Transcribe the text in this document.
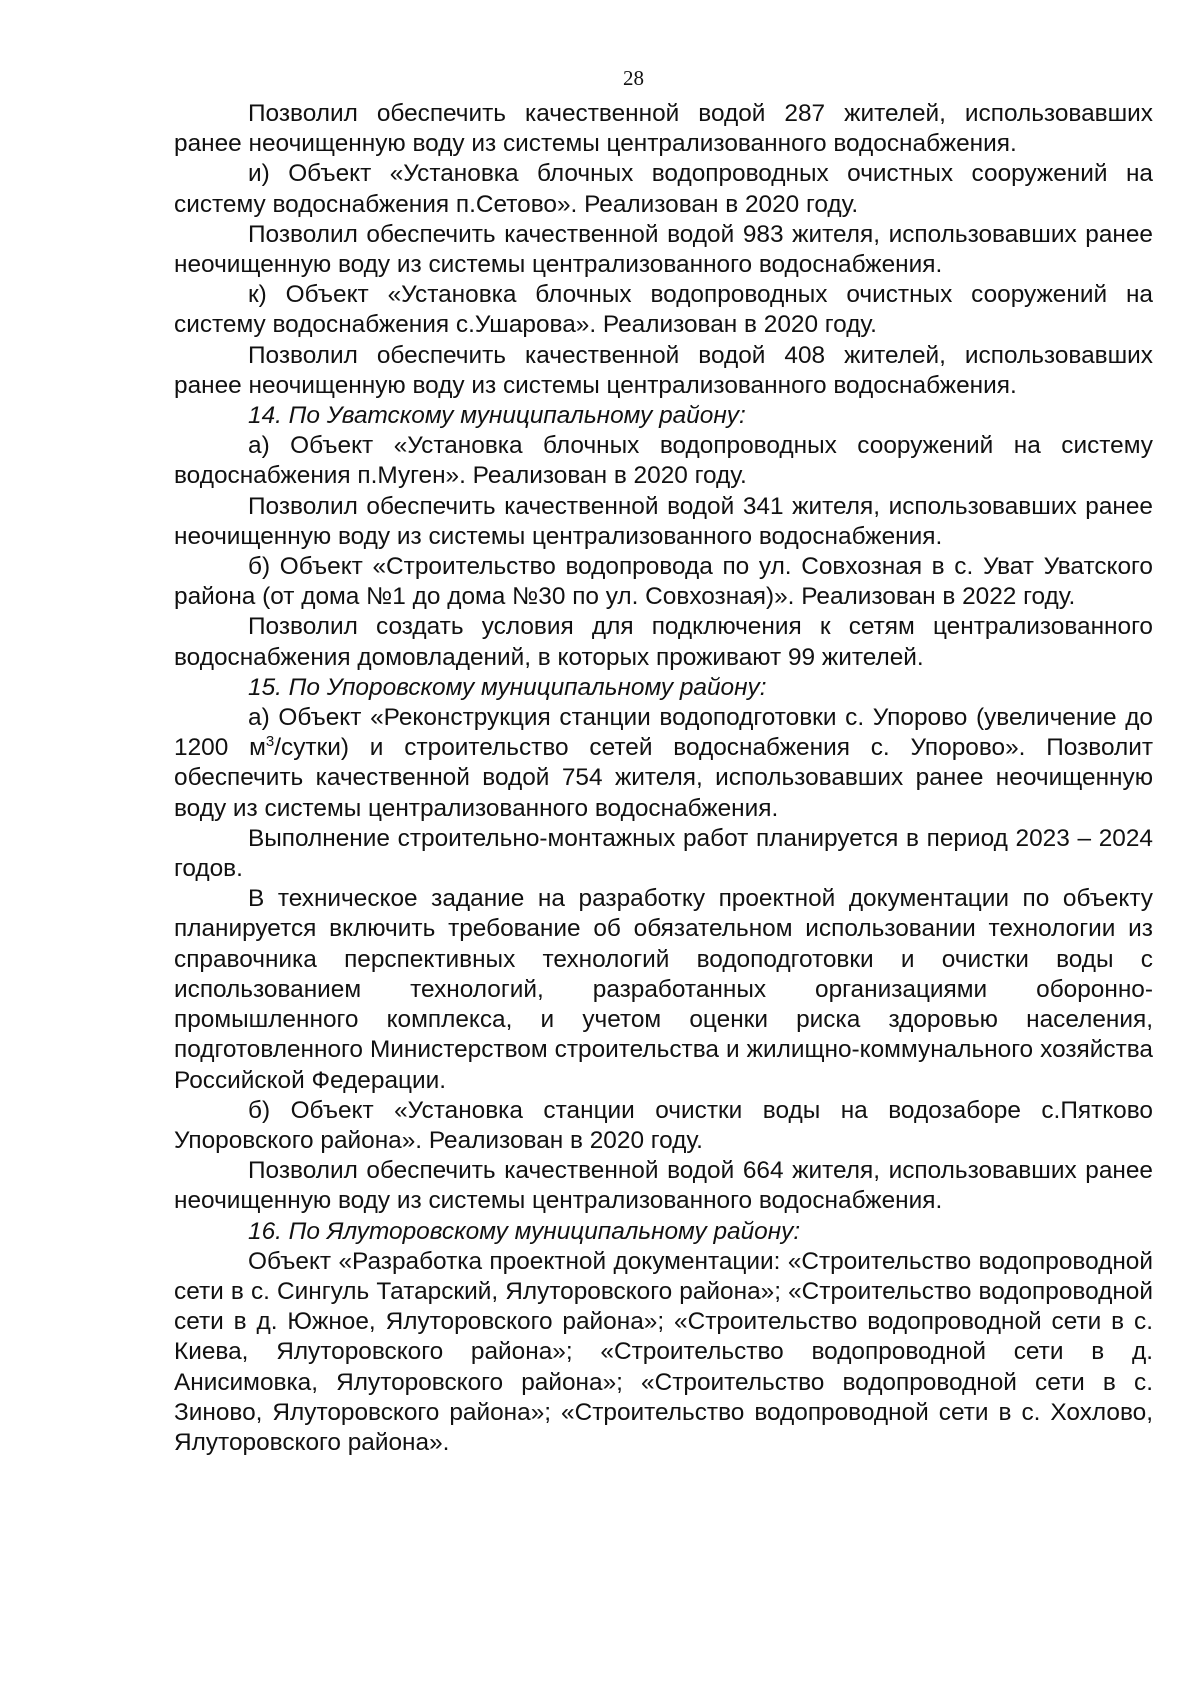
28

Позволил обеспечить качественной водой 287 жителей, использовавших ранее неочищенную воду из системы централизованного водоснабжения.

и) Объект «Установка блочных водопроводных очистных сооружений на систему водоснабжения п.Сетово». Реализован в 2020 году.

Позволил обеспечить качественной водой 983 жителя, использовавших ранее неочищенную воду из системы централизованного водоснабжения.

к) Объект «Установка блочных водопроводных очистных сооружений на систему водоснабжения с.Ушарова». Реализован в 2020 году.

Позволил обеспечить качественной водой 408 жителей, использовавших ранее неочищенную воду из системы централизованного водоснабжения.

14. По Уватскому муниципальному району:

а) Объект «Установка блочных водопроводных сооружений на систему водоснабжения п.Муген». Реализован в 2020 году.

Позволил обеспечить качественной водой 341 жителя, использовавших ранее неочищенную воду из системы централизованного водоснабжения.

б) Объект «Строительство водопровода по ул. Совхозная в с. Уват Уватского района (от дома №1 до дома №30 по ул. Совхозная)». Реализован в 2022 году.

Позволил создать условия для подключения к сетям централизованного водоснабжения домовладений, в которых проживают 99 жителей.

15. По Упоровскому муниципальному району:

а) Объект «Реконструкция станции водоподготовки с. Упорово (увеличение до 1200 $м^3/сутки$) и строительство сетей водоснабжения с. Упорово». Позволит обеспечить качественной водой 754 жителя, использовавших ранее неочищенную воду из системы централизованного водоснабжения.

Выполнение строительно-монтажных работ планируется в период 2023 – 2024 годов.

В техническое задание на разработку проектной документации по объекту планируется включить требование об обязательном использовании технологии из справочника перспективных технологий водоподготовки и очистки воды с использованием технологий, разработанных организациями оборонно-промышленного комплекса, и учетом оценки риска здоровью населения, подготовленного Министерством строительства и жилищно-коммунального хозяйства Российской Федерации.

б) Объект «Установка станции очистки воды на водозаборе с.Пятково Упоровского района». Реализован в 2020 году.

Позволил обеспечить качественной водой 664 жителя, использовавших ранее неочищенную воду из системы централизованного водоснабжения.

16. По Ялуторовскому муниципальному району:

Объект «Разработка проектной документации: «Строительство водопроводной сети в с. Сингуль Татарский, Ялуторовского района»; «Строительство водопроводной сети в д. Южное, Ялуторовского района»; «Строительство водопроводной сети в с. Киева, Ялуторовского района»; «Строительство водопроводной сети в д. Анисимовка, Ялуторовского района»; «Строительство водопроводной сети в с. Зиново, Ялуторовского района»; «Строительство водопроводной сети в с. Хохлово, Ялуторовского района».
